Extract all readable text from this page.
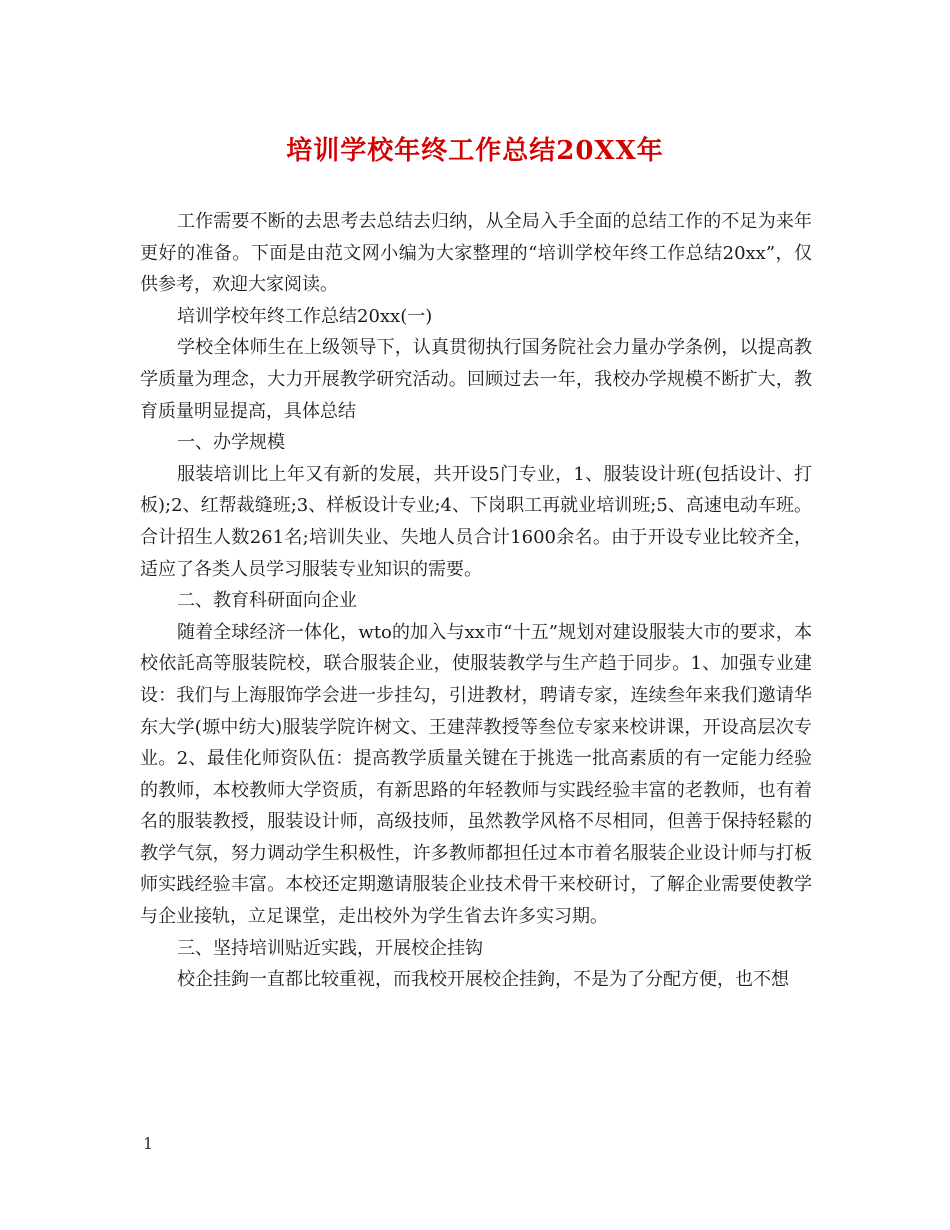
培训学校年终工作总结20XX年

工作需要不断的去思考去总结去归纳，从全局入手全面的总结工作的不足为来年更好的准备。下面是由范文网小编为大家整理的“培训学校年终工作总结20xx”，仅供参考，欢迎大家阅读。

培训学校年终工作总结20xx(一)

学校全体师生在上级领导下，认真贯彻执行国务院社会力量办学条例，以提高教学质量为理念，大力开展教学研究活动。回顾过去一年，我校办学规模不断扩大，教育质量明显提高，具体总结

一、办学规模

服装培训比上年又有新的发展，共开设5门专业，1、服装设计班(包括设计、打板);2、红帮裁缝班;3、样板设计专业;4、下岗职工再就业培训班;5、高速电动车班。合计招生人数261名;培训失业、失地人员合计1600余名。由于开设专业比较齐全，适应了各类人员学习服装专业知识的需要。

二、教育科研面向企业

随着全球经济一体化，wto的加入与xx市“十五”规划对建设服装大市的要求，本校依託高等服装院校，联合服装企业，使服装教学与生产趋于同步。1、加强专业建设：我们与上海服饰学会进一步挂勾，引进教材，聘请专家，连续叁年来我们邀请华东大学(塬中纺大)服装学院许树文、王建萍教授等叁位专家来校讲课，开设高层次专业。2、最佳化师资队伍：提高教学质量关键在于挑选一批高素质的有一定能力经验的教师，本校教师大学资质，有新思路的年轻教师与实践经验丰富的老教师，也有着名的服装教授，服装设计师，高级技师，虽然教学风格不尽相同，但善于保持轻鬆的教学气氛，努力调动学生积极性，许多教师都担任过本市着名服装企业设计师与打板师实践经验丰富。本校还定期邀请服装企业技术骨干来校研讨，了解企业需要使教学与企业接轨，立足课堂，走出校外为学生省去许多实习期。

三、坚持培训贴近实践，开展校企挂钩

校企挂鉤一直都比较重视，而我校开展校企挂鉤，不是为了分配方便，也不想

1
